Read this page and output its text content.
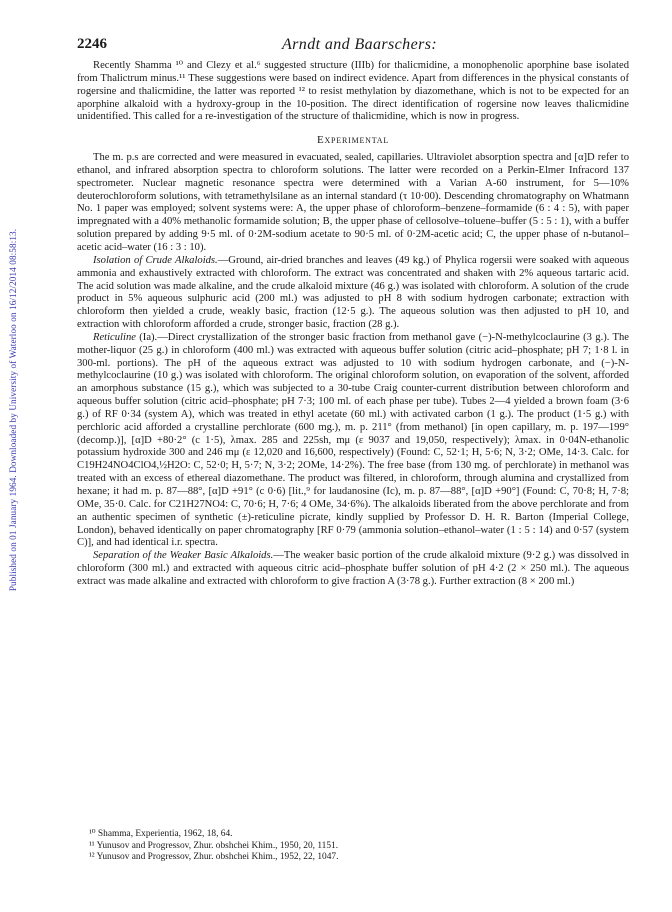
Published on 01 January 1964. Downloaded by University of Waterloo on 16/12/2014 08:58:13.
2246	Arndt and Baarschers:

Recently Shamma ¹⁰ and Clezy et al.⁶ suggested structure (IIIb) for thalicmidine, a monophenolic aporphine base isolated from Thalictrum minus.¹¹ These suggestions were based on indirect evidence. Apart from differences in the physical constants of rogersine and thalicmidine, the latter was reported ¹² to resist methylation by diazomethane, which is not to be expected for an aporphine alkaloid with a hydroxy-group in the 10-position. The direct identification of rogersine now leaves thalicmidine unidentified. This called for a re-investigation of the structure of thalicmidine, which is now in progress.

Experimental

The m. p.s are corrected and were measured in evacuated, sealed, capillaries. Ultraviolet absorption spectra and [α]D refer to ethanol, and infrared absorption spectra to chloroform solutions. The latter were recorded on a Perkin-Elmer Infracord 137 spectrometer. Nuclear magnetic resonance spectra were determined with a Varian A-60 instrument, for 5—10% deuterochloroform solutions, with tetramethylsilane as an internal standard (τ 10·00). Descending chromatography on Whatmann No. 1 paper was employed; solvent systems were: A, the upper phase of chloroform–benzene–formamide (6 : 4 : 5), with paper impregnated with a 40% methanolic formamide solution; B, the upper phase of cellosolve–toluene–buffer (5 : 5 : 1), with a buffer solution prepared by adding 9·5 ml. of 0·2M-sodium acetate to 90·5 ml. of 0·2M-acetic acid; C, the upper phase of n-butanol–acetic acid–water (16 : 3 : 10).

Isolation of Crude Alkaloids.—Ground, air-dried branches and leaves (49 kg.) of Phylica rogersii were soaked with aqueous ammonia and exhaustively extracted with chloroform. The extract was concentrated and shaken with 2% aqueous tartaric acid. The acid solution was made alkaline, and the crude alkaloid mixture (46 g.) was isolated with chloroform. A solution of the crude product in 5% aqueous sulphuric acid (200 ml.) was adjusted to pH 8 with sodium hydrogen carbonate; extraction with chloroform then yielded a crude, weakly basic, fraction (12·5 g.). The aqueous solution was then adjusted to pH 10, and extraction with chloroform afforded a crude, stronger basic, fraction (28 g.).

Reticuline (Ia).—Direct crystallization of the stronger basic fraction from methanol gave (−)-N-methylcoclaurine (3 g.). The mother-liquor (25 g.) in chloroform (400 ml.) was extracted with aqueous buffer solution (citric acid–phosphate; pH 7; 1·8 l. in 300-ml. portions). The pH of the aqueous extract was adjusted to 10 with sodium hydrogen carbonate, and (−)-N-methylcoclaurine (10 g.) was isolated with chloroform. The original chloroform solution, on evaporation of the solvent, afforded an amorphous substance (15 g.), which was subjected to a 30-tube Craig counter-current distribution between chloroform and aqueous buffer solution (citric acid–phosphate; pH 7·3; 100 ml. of each phase per tube). Tubes 2—4 yielded a brown foam (3·6 g.) of RF 0·34 (system A), which was treated in ethyl acetate (60 ml.) with activated carbon (1 g.). The product (1·5 g.) with perchloric acid afforded a crystalline perchlorate (600 mg.), m. p. 211° (from methanol) [in open capillary, m. p. 197—199° (decomp.)], [α]D +80·2° (c 1·5), λmax. 285 and 225sh, mμ (ε 9037 and 19,050, respectively); λmax. in 0·04N-ethanolic potassium hydroxide 300 and 246 mμ (ε 12,020 and 16,600, respectively) (Found: C, 52·1; H, 5·6; N, 3·2; OMe, 14·3. Calc. for C19H24NO4ClO4,½H2O: C, 52·0; H, 5·7; N, 3·2; 2OMe, 14·2%). The free base (from 130 mg. of perchlorate) in methanol was treated with an excess of ethereal diazomethane. The product was filtered, in chloroform, through alumina and crystallized from hexane; it had m. p. 87—88°, [α]D +91° (c 0·6) [lit.,⁹ for laudanosine (Ic), m. p. 87—88°, [α]D +90°] (Found: C, 70·8; H, 7·8; OMe, 35·0. Calc. for C21H27NO4: C, 70·6; H, 7·6; 4 OMe, 34·6%). The alkaloids liberated from the above perchlorate and from an authentic specimen of synthetic (±)-reticuline picrate, kindly supplied by Professor D. H. R. Barton (Imperial College, London), behaved identically on paper chromatography [RF 0·79 (ammonia solution–ethanol–water (1 : 5 : 14) and 0·57 (system C)], and had identical i.r. spectra.

Separation of the Weaker Basic Alkaloids.—The weaker basic portion of the crude alkaloid mixture (9·2 g.) was dissolved in chloroform (300 ml.) and extracted with aqueous citric acid–phosphate buffer solution of pH 4·2 (2 × 250 ml.). The aqueous extract was made alkaline and extracted with chloroform to give fraction A (3·78 g.). Further extraction (8 × 200 ml.)

¹⁰ Shamma, Experientia, 1962, 18, 64.
¹¹ Yunusov and Progressov, Zhur. obshchei Khim., 1950, 20, 1151.
¹² Yunusov and Progressov, Zhur. obshchei Khim., 1952, 22, 1047.
